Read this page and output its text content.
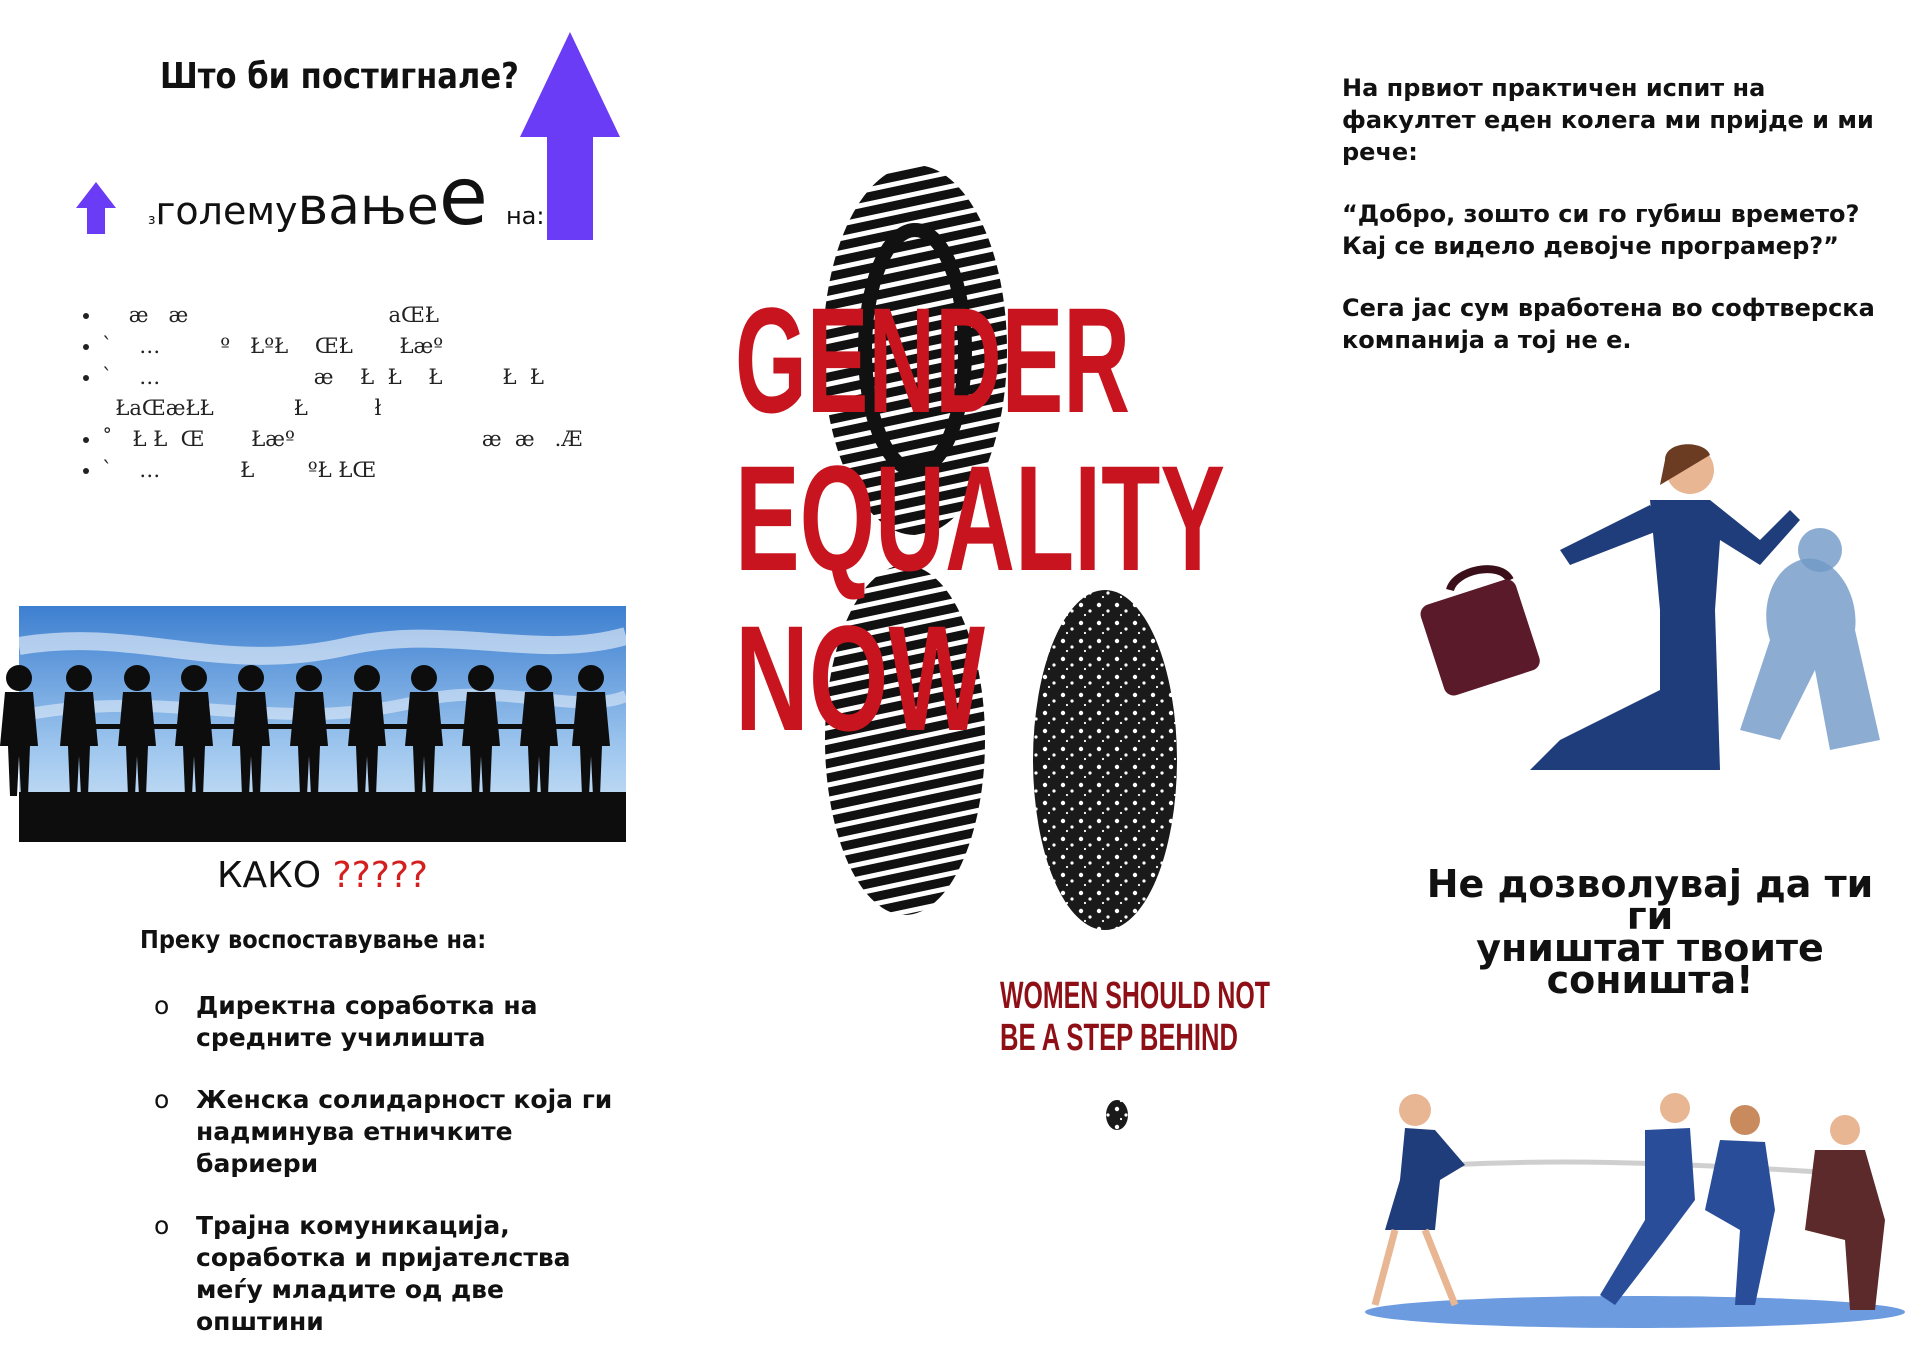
Што би постигнале?
зголемувањее на:
•     æ   æ                              aŒŁ
• `    …         º   ŁºŁ    ŒŁ       Łæº
• `    …                       æ    Ł  Ł    Ł         Ł  Ł
ŁaŒæŁŁ            Ł          ł
• ˚   Ł Ł  Œ       Łæº                            æ  æ   .Æ
• `    …            Ł        ºŁ ŁŒ
КАКО ?????
Преку воспоставување на:
o Директна соработка на средните училишта
o Женска солидарност која ги надминува етничките бариери
o Трајна комуникација, соработка и пријателства меѓу младите од две општини
GENDER
EQUALITY
NOW
WOMEN SHOULD NOT
BE A STEP BEHIND

На првиот практичен испит на факултет еден колега ми пријде и ми рече:

“Добро, зошто си го губиш времето? Кај се видело девојче програмер?”

Сега јас сум вработена во софтверска компанија а тој не е.

Не дозволувај да ти ги
уништат твоите
соништа!
